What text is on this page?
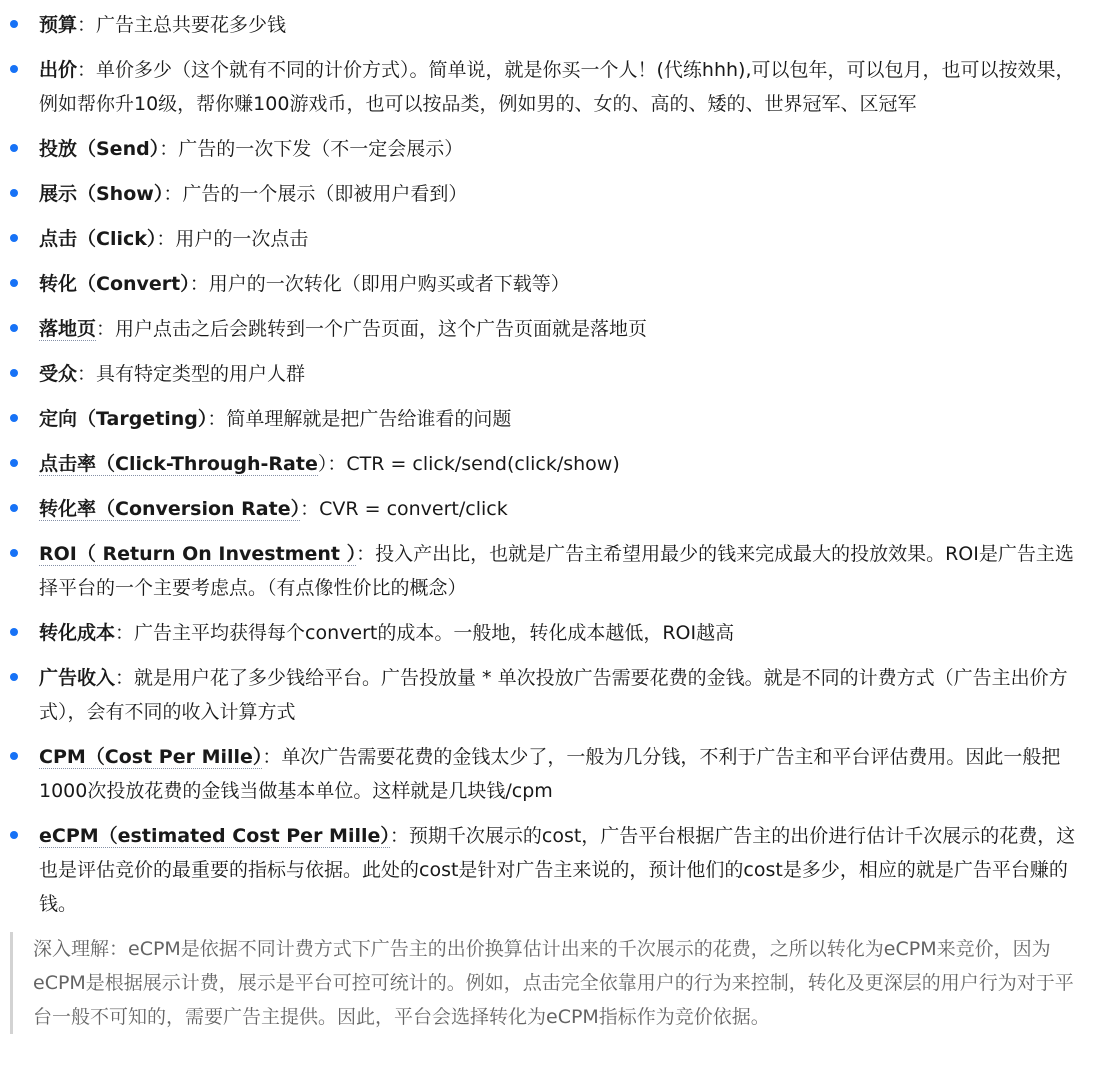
预算：广告主总共要花多少钱
出价：单价多少（这个就有不同的计价方式）。简单说，就是你买一个人！(代练hhh),可以包年，可以包月，也可以按效果，例如帮你升10级，帮你赚100游戏币，也可以按品类，例如男的、女的、高的、矮的、世界冠军、区冠军
投放（Send）：广告的一次下发（不一定会展示）
展示（Show）：广告的一个展示（即被用户看到）
点击（Click）：用户的一次点击
转化（Convert）：用户的一次转化（即用户购买或者下载等）
落地页：用户点击之后会跳转到一个广告页面，这个广告页面就是落地页
受众：具有特定类型的用户人群
定向（Targeting）：简单理解就是把广告给谁看的问题
点击率（Click-Through-Rate）：CTR = click/send(click/show)
转化率（Conversion Rate）：CVR = convert/click
ROI（ Return On Investment ）：投入产出比，也就是广告主希望用最少的钱来完成最大的投放效果。ROI是广告主选择平台的一个主要考虑点。（有点像性价比的概念）
转化成本：广告主平均获得每个convert的成本。一般地，转化成本越低，ROI越高
广告收入：就是用户花了多少钱给平台。广告投放量 * 单次投放广告需要花费的金钱。就是不同的计费方式（广告主出价方式），会有不同的收入计算方式
CPM（Cost Per Mille）：单次广告需要花费的金钱太少了，一般为几分钱，不利于广告主和平台评估费用。因此一般把1000次投放花费的金钱当做基本单位。这样就是几块钱/cpm
eCPM（estimated Cost Per Mille）：预期千次展示的cost，广告平台根据广告主的出价进行估计千次展示的花费，这也是评估竞价的最重要的指标与依据。此处的cost是针对广告主来说的，预计他们的cost是多少，相应的就是广告平台赚的钱。
深入理解：eCPM是依据不同计费方式下广告主的出价换算估计出来的千次展示的花费，之所以转化为eCPM来竞价，因为eCPM是根据展示计费，展示是平台可控可统计的。例如，点击完全依靠用户的行为来控制，转化及更深层的用户行为对于平台一般不可知的，需要广告主提供。因此，平台会选择转化为eCPM指标作为竞价依据。
